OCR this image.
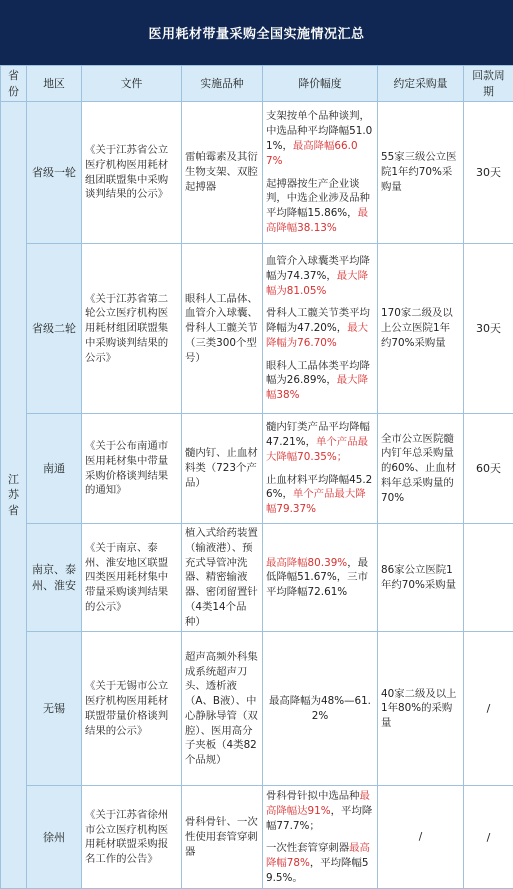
医用耗材带量采购全国实施情况汇总
省份	地区	文件	实施品种	降价幅度	约定采购量	回款周期
江苏省	省级一轮	《关于江苏省公立医疗机构医用耗材组团联盟集中采购谈判结果的公示》	雷帕霉素及其衍生物支架、双腔起搏器	支架按单个品种谈判，中选品种平均降幅51.01%，最高降幅66.07%
起搏器按生产企业谈判，中选企业涉及品种平均降幅15.86%，最高降幅38.13%	55家三级公立医院1年约70%采购量	30天
	省级二轮	《关于江苏省第二轮公立医疗机构医用耗材组团联盟集中采购谈判结果的公示》	眼科人工晶体、血管介入球囊、骨科人工髋关节（三类300个型号）	血管介入球囊类平均降幅为74.37%，最大降幅为81.05%
骨科人工髋关节类平均降幅为47.20%，最大降幅为76.70%
眼科人工晶体类平均降幅为26.89%，最大降幅38%	170家二级及以上公立医院1年约70%采购量	30天
	南通	《关于公布南通市医用耗材集中带量采购价格谈判结果的通知》	髓内钉、止血材料类（723个产品）	髓内钉类产品平均降幅47.21%，单个产品最大降幅70.35%；
止血材料平均降幅45.26%，单个产品最大降幅79.37%	全市公立医院髓内钉年总采购量的60%、止血材料年总采购量的70%	60天
	南京、泰州、淮安	《关于南京、泰州、淮安地区联盟四类医用耗材集中带量采购谈判结果的公示》	植入式给药装置（输液港）、预充式导管冲洗器、精密输液器、密闭留置针（4类14个品种）	最高降幅80.39%，最低降幅51.67%，三市平均降幅72.61%	86家公立医院1年约70%采购量	
	无锡	《关于无锡市公立医疗机构医用耗材联盟带量价格谈判结果的公示》	超声高频外科集成系统超声刀头、透析液（A、B液）、中心静脉导管（双腔）、医用高分子夹板（4类82个品规）	最高降幅为48%—61.2%	40家二级及以上1年80%的采购量	/
	徐州	《关于江苏省徐州市公立医疗机构医用耗材联盟采购报名工作的公告》	骨科骨针、一次性使用套管穿刺器	骨科骨针拟中选品种最高降幅达91%，平均降幅77.7%；
一次性套管穿刺器最高降幅78%，平均降幅59.5%。	/	/
